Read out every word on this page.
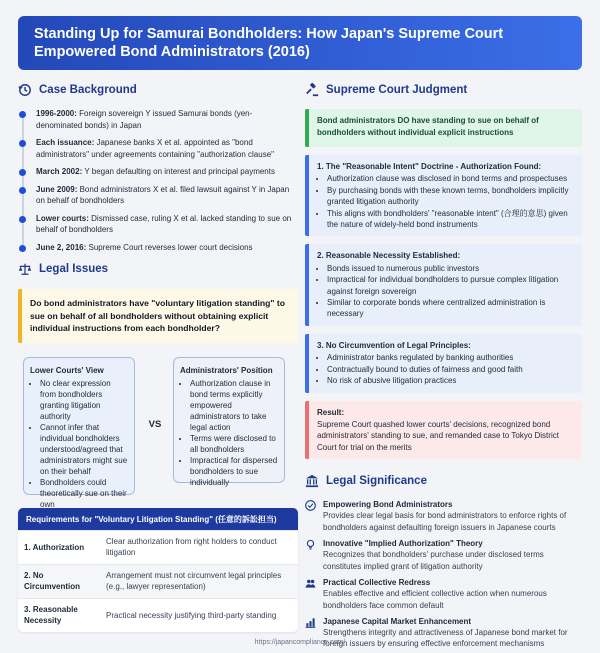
Standing Up for Samurai Bondholders: How Japan's Supreme Court Empowered Bond Administrators (2016)
Case Background
1996-2000: Foreign sovereign Y issued Samurai bonds (yen-denominated bonds) in Japan
Each issuance: Japanese banks X et al. appointed as "bond administrators" under agreements containing "authorization clause"
March 2002: Y began defaulting on interest and principal payments
June 2009: Bond administrators X et al. filed lawsuit against Y in Japan on behalf of bondholders
Lower courts: Dismissed case, ruling X et al. lacked standing to sue on behalf of bondholders
June 2, 2016: Supreme Court reverses lower court decisions
Legal Issues
Do bond administrators have "voluntary litigation standing" to sue on behalf of all bondholders without obtaining explicit individual instructions from each bondholder?
Lower Courts' View
• No clear expression from bondholders granting litigation authority
• Cannot infer that individual bondholders understood/agreed that administrators might sue on their behalf
• Bondholders could theoretically sue on their own
VS
Administrators' Position
• Authorization clause in bond terms explicitly empowered administrators to take legal action
• Terms were disclosed to all bondholders
• Impractical for dispersed bondholders to sue individually
Requirements for "Voluntary Litigation Standing" (任意的訴訟担当)
1. Authorization
Clear authorization from right holders to conduct litigation
2. No Circumvention
Arrangement must not circumvent legal principles (e.g., lawyer representation)
3. Reasonable Necessity
Practical necessity justifying third-party standing
Supreme Court Judgment
Bond administrators DO have standing to sue on behalf of bondholders without individual explicit instructions
1. The "Reasonable Intent" Doctrine - Authorization Found:
• Authorization clause was disclosed in bond terms and prospectuses
• By purchasing bonds with these known terms, bondholders implicitly granted litigation authority
• This aligns with bondholders' "reasonable intent" (合理的意思) given the nature of widely-held bond instruments
2. Reasonable Necessity Established:
• Bonds issued to numerous public investors
• Impractical for individual bondholders to pursue complex litigation against foreign sovereign
• Similar to corporate bonds where centralized administration is necessary
3. No Circumvention of Legal Principles:
• Administrator banks regulated by banking authorities
• Contractually bound to duties of fairness and good faith
• No risk of abusive litigation practices
Result:

Supreme Court quashed lower courts' decisions, recognized bond administrators' standing to sue, and remanded case to Tokyo District Court for trial on the merits

Legal Significance
Empowering Bond Administrators

Provides clear legal basis for bond administrators to enforce rights of bondholders against defaulting foreign issuers in Japanese courts

Innovative "Implied Authorization" Theory

Recognizes that bondholders' purchase under disclosed terms constitutes implied grant of litigation authority

Practical Collective Redress

Enables effective and efficient collective action when numerous bondholders face common default

Japanese Capital Market Enhancement

Strengthens integrity and attractiveness of Japanese bond market for foreign issuers by ensuring effective enforcement mechanisms

https://japancompliance.com/
